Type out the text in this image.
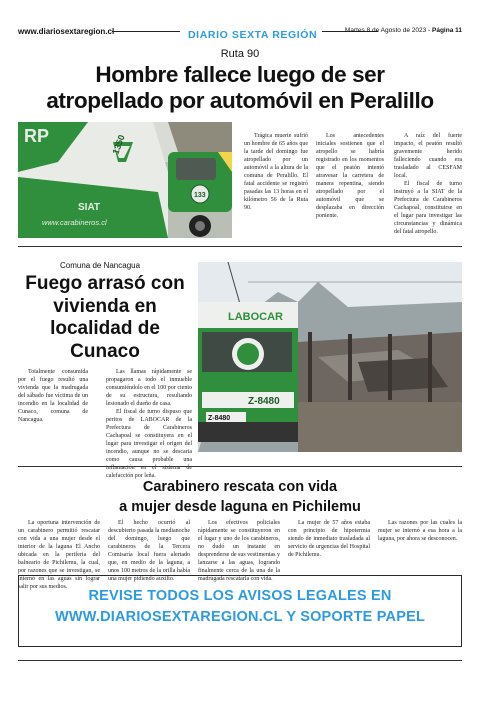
www.diariosextaregion.cl	DIARIO SEXTA REGIÓN	Martes 8 de Agosto de 2023 - Página 11
Ruta 90
Hombre fallece luego de ser
atropellado por automóvil en Peralillo
RP	1350
SIAT
www.carabineros.cl
133

Trágica muerte sufrió un hombre de 65 años que la tarde del domingo fue atropellado por un automóvil a la altura de la comuna de Peralillo. El fatal accidente se registró pasadas las 13 horas en el kilómetro 56 de la Ruta 90.

Los antecedentes iniciales sostienen que el atropello se habría registrado en los momentos que el peatón intentó atravesar la carretera de manera repentina, siendo atropellado por el automóvil que se desplazaba en dirección poniente.

A raíz del fuerte impacto, el peatón resultó gravemente herido falleciendo cuando era trasladado al CESFAM local.

El fiscal de turno instruyó a la SIAT de la Prefectura de Carabineros Cachapoal, constituirse en el lugar para investigar las circunstancias y dinámica del fatal atropello.

Comuna de Nancagua
Fuego arrasó con vivienda en localidad de Cunaco
LABOCAR
Z-8480
Z-8480

Totalmente consumida por el fuego resultó una vivienda que la madrugada del sábado fue víctima de un incendio en la localidad de Cunaco, comuna de Nancagua.

Las llamas rápidamente se propagaron a todo el inmueble consumiéndolo en el 100 por ciento de su estructura, resultando lesionado el dueño de casa.

El fiscal de turno dispuso que peritos de LABOCAR de la Prefectura de Carabineros Cachapoal se constituyera en el lugar para investigar el origen del incendio, aunque no se descarta como causa probable una inflamación en el sistema de calefacción por leña.

Carabinero rescata con vida
a mujer desde laguna en Pichilemu

La oportuna intervención de un carabinero permitió rescatar con vida a una mujer desde el interior de la laguna El Ancho ubicada en la periferia del balneario de Pichilemu, la cual, por razones que se investigan, se internó en las aguas sin lograr salir por sus medios.

El hecho ocurrió al descubierto pasada la medianoche del domingo, luego que carabineros de la Tercera Comisaría local fuera alertado que, en medio de la laguna, a unos 100 metros de la orilla había una mujer pidiendo auxilio.

Los efectivos policiales rápidamente se constituyeron en el lugar y uno de los carabineros, no dudó un instante en desprenderse de sus vestimentas y lanzarse a las aguas, logrando finalmente cerca de la una de la madrugada rescatarla con vida.

La mujer de 57 años estaba con principio de hipotermia siendo de inmediato trasladada al servicio de urgencias del Hospital de Pichilemu.

Las razones por las cuales la mujer se internó a esa hora a la laguna, por ahora se desconocen.

REVISE TODOS LOS AVISOS LEGALES EN
WWW.DIARIOSEXTAREGION.CL Y SOPORTE PAPEL
